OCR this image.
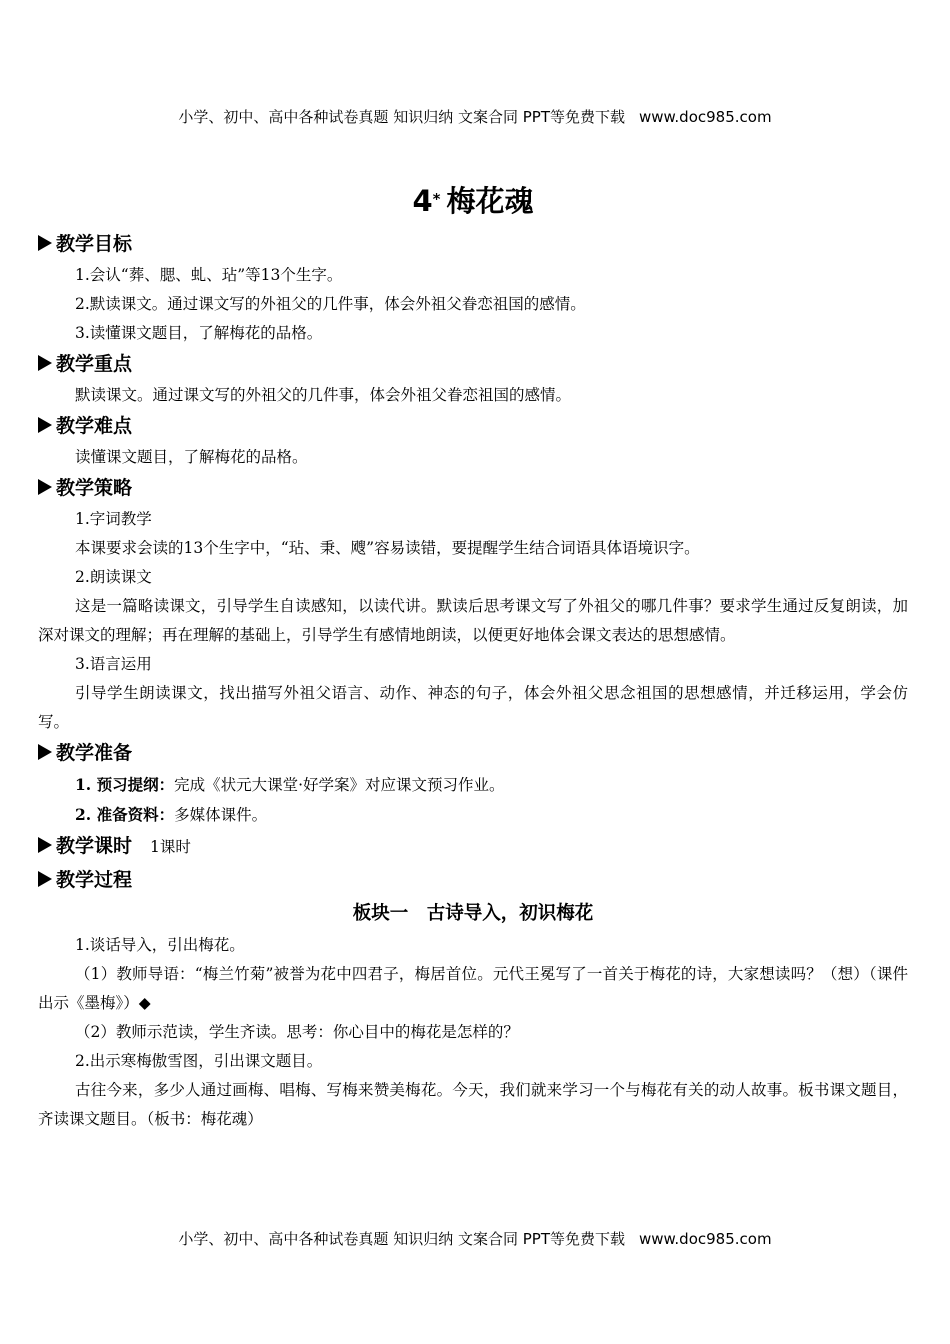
小学、初中、高中各种试卷真题 知识归纳 文案合同 PPT等免费下载 www.doc985.com
4* 梅花魂
教学目标

1.会认“葬、腮、虬、玷”等13个生字。

2.默读课文。通过课文写的外祖父的几件事，体会外祖父眷恋祖国的感情。

3.读懂课文题目，了解梅花的品格。

教学重点

默读课文。通过课文写的外祖父的几件事，体会外祖父眷恋祖国的感情。

教学难点

读懂课文题目，了解梅花的品格。

教学策略

1.字词教学

本课要求会读的13个生字中，“玷、秉、飕”容易读错，要提醒学生结合词语具体语境识字。

2.朗读课文

这是一篇略读课文，引导学生自读感知，以读代讲。默读后思考课文写了外祖父的哪几件事？要求学生通过反复朗读，加深对课文的理解；再在理解的基础上，引导学生有感情地朗读，以便更好地体会课文表达的思想感情。

3.语言运用

引导学生朗读课文，找出描写外祖父语言、动作、神态的句子，体会外祖父思念祖国的思想感情，并迁移运用，学会仿写。

教学准备

1. 预习提纲：完成《状元大课堂·好学案》对应课文预习作业。

2. 准备资料：多媒体课件。

教学课时 1课时
教学过程
板块一　古诗导入，初识梅花

1.谈话导入，引出梅花。

（1）教师导语：“梅兰竹菊”被誉为花中四君子，梅居首位。元代王冕写了一首关于梅花的诗，大家想读吗？（想）（课件出示《墨梅》）◆

（2）教师示范读，学生齐读。思考：你心目中的梅花是怎样的？

2.出示寒梅傲雪图，引出课文题目。

古往今来，多少人通过画梅、唱梅、写梅来赞美梅花。今天，我们就来学习一个与梅花有关的动人故事。板书课文题目，齐读课文题目。（板书：梅花魂）

小学、初中、高中各种试卷真题 知识归纳 文案合同 PPT等免费下载 www.doc985.com
